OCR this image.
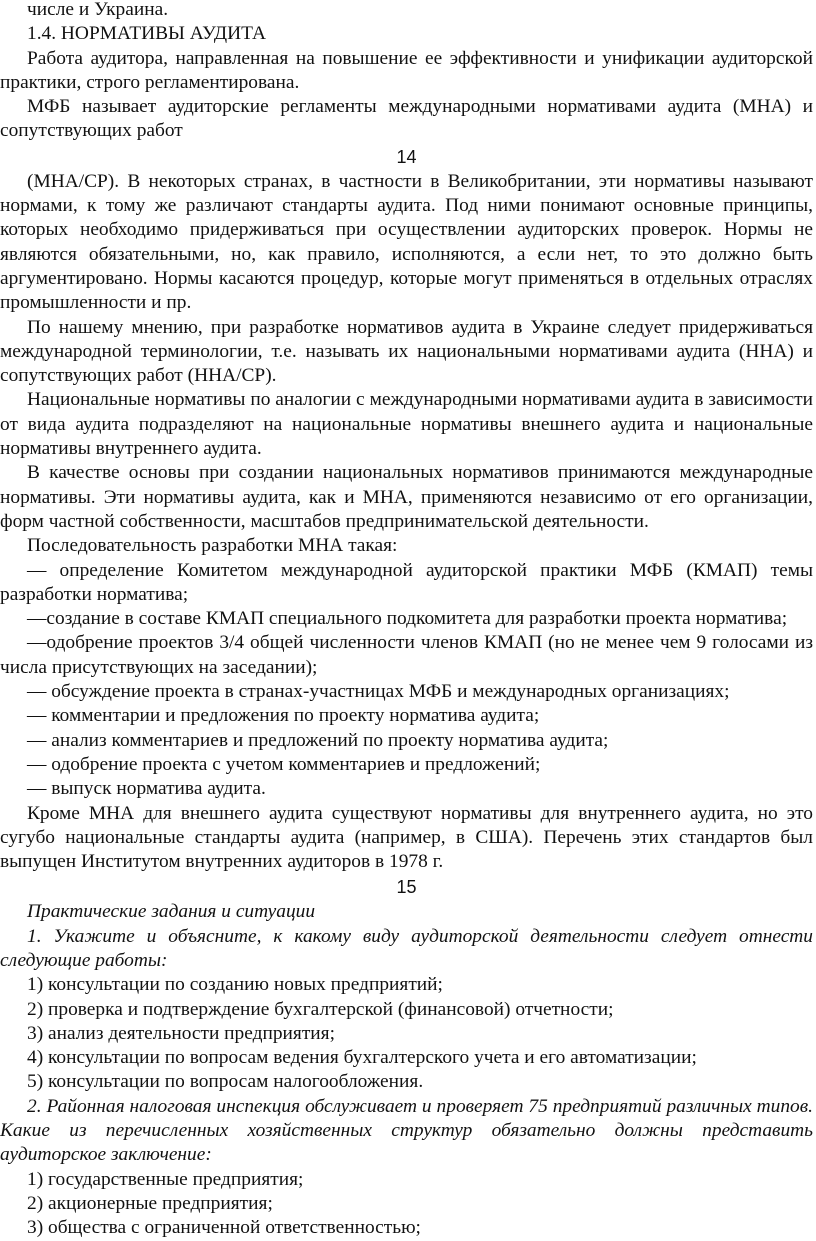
числе и Украина.

1.4. НОРМАТИВЫ АУДИТА

Работа аудитора, направленная на повышение ее эффективности и унификации аудиторской практики, строго регламентирована.

МФБ называет аудиторские регламенты международными нормативами аудита (МНА) и сопутствующих работ

14

(МНА/СР). В некоторых странах, в частности в Великобритании, эти нормативы называют нормами, к тому же различают стандарты аудита. Под ними понимают основные принципы, которых необходимо придерживаться при осуществлении аудиторских проверок. Нормы не являются обязательными, но, как правило, исполняются, а если нет, то это должно быть аргументировано. Нормы касаются процедур, которые могут применяться в отдельных отраслях промышленности и пр.

По нашему мнению, при разработке нормативов аудита в Украине следует придерживаться международной терминологии, т.е. называть их национальными нормативами аудита (ННА) и сопутствующих работ (ННА/СР).

Национальные нормативы по аналогии с международными нормативами аудита в зависимости от вида аудита подразделяют на национальные нормативы внешнего аудита и национальные нормативы внутреннего аудита.

В качестве основы при создании национальных нормативов принимаются международные нормативы. Эти нормативы аудита, как и МНА, применяются независимо от его организации, форм частной собственности, масштабов предпринимательской деятельности.

Последовательность разработки МНА такая:

— определение Комитетом международной аудиторской практики МФБ (КМАП) темы разработки норматива;

—создание в составе КМАП специального подкомитета для разработки проекта норматива;

—одобрение проектов 3/4 общей численности членов КМАП (но не менее чем 9 голосами из числа присутствующих на заседании);

— обсуждение проекта в странах-участницах МФБ и международных организациях;

— комментарии и предложения по проекту норматива аудита;

— анализ комментариев и предложений по проекту норматива аудита;

— одобрение проекта с учетом комментариев и предложений;

— выпуск норматива аудита.

Кроме МНА для внешнего аудита существуют нормативы для внутреннего аудита, но это сугубо национальные стандарты аудита (например, в США). Перечень этих стандартов был выпущен Институтом внутренних аудиторов в 1978 г.

15

Практические задания и ситуации

1. Укажите и объясните, к какому виду аудиторской деятельности следует отнести следующие работы:

1) консультации по созданию новых предприятий;

2) проверка и подтверждение бухгалтерской (финансовой) отчетности;

3) анализ деятельности предприятия;

4) консультации по вопросам ведения бухгалтерского учета и его автоматизации;

5) консультации по вопросам налогообложения.

2. Районная налоговая инспекция обслуживает и проверяет 75 предприятий различных типов. Какие из перечисленных хозяйственных структур обязательно должны представить аудиторское заключение:

1) государственные предприятия;

2) акционерные предприятия;

3) общества с ограниченной ответственностью;
